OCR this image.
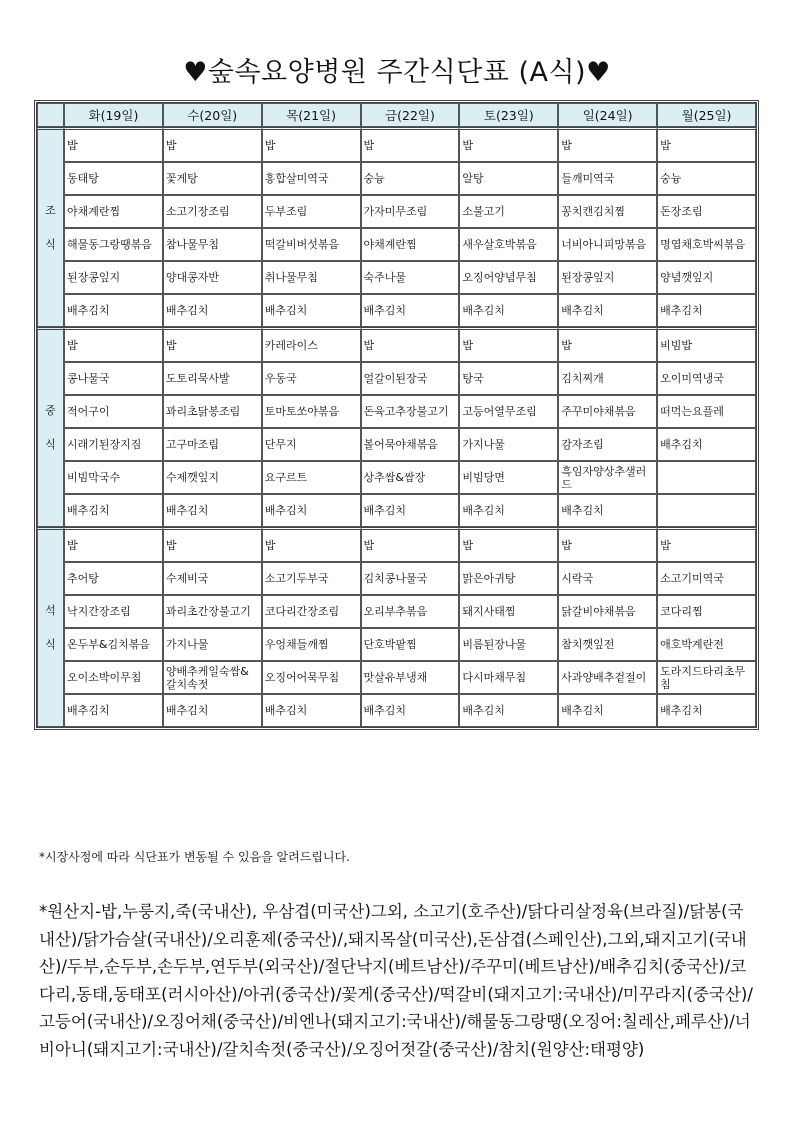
♥숲속요양병원 주간식단표 (A식)♥
	화(19일)	수(20일)	목(21일)	금(22일)	토(23일)	일(24일)	월(25일)
조
식	밥	밥	밥	밥	밥	밥	밥
	동태탕	꽃게탕	홍합살미역국	숭늉	알탕	들깨미역국	숭늉
	야채계란찜	소고기장조림	두부조림	가자미무조림	소불고기	꽁치캔김치찜	돈장조림
	해물동그랑땡볶음	참나물무침	떡갈비버섯볶음	야채계란찜	새우살호박볶음	너비아니피망볶음	명엽채호박씨볶음
	된장콩잎지	양대콩자반	취나물무침	숙주나물	오징어양념무침	된장콩잎지	양념깻잎지
	배추김치	배추김치	배추김치	배추김치	배추김치	배추김치	배추김치
중
식	밥	밥	카레라이스	밥	밥	밥	비빔밥
	콩나물국	도토리묵사발	우동국	얼갈이된장국	탕국	김치찌개	오이미역냉국
	적어구이	꽈리초닭봉조림	토마토쏘야볶음	돈육고추장불고기	고등어열무조림	주꾸미야채볶음	떠먹는요플레
	시래기된장지짐	고구마조림	단무지	볼어묵야채볶음	가지나물	감자조림	배추김치
	비빔막국수	수제깻잎지	요구르트	상추쌈&쌈장	비빔당면	흑임자양상추샐러드	
	배추김치	배추김치	배추김치	배추김치	배추김치	배추김치	
석
식	밥	밥	밥	밥	밥	밥	밥
	추어탕	수제비국	소고기두부국	김치콩나물국	맑은아귀탕	시락국	소고기미역국
	낙지간장조림	꽈리초간장불고기	코다리간장조림	오리부추볶음	돼지사태찜	닭갈비야채볶음	코다리찜
	온두부&김치볶음	가지나물	우엉채들깨찜	단호박팥찜	비름된장나물	참치깻잎전	애호박계란전
	오이소박이무침	양배추케일숙쌈&갈치속젓	오징어어묵무침	맛살유부냉채	다시마채무침	사과양배추겉절이	도라지드타리초무침
	배추김치	배추김치	배추김치	배추김치	배추김치	배추김치	배추김치
*시장사정에 따라 식단표가 변동될 수 있음을 알려드립니다.
*원산지-밥,누룽지,죽(국내산), 우삼겹(미국산)그외, 소고기(호주산)/닭다리살정육(브라질)/닭봉(국내산)/닭가슴살(국내산)/오리훈제(중국산)/,돼지목살(미국산),돈삼겹(스페인산),그외,돼지고기(국내산)/두부,순두부,손두부,연두부(외국산)/절단낙지(베트남산)/주꾸미(베트남산)/배추김치(중국산)/코다리,동태,동태포(러시아산)/아귀(중국산)/꽃게(중국산)/떡갈비(돼지고기:국내산)/미꾸라지(중국산)/고등어(국내산)/오징어채(중국산)/비엔나(돼지고기:국내산)/해물동그랑땡(오징어:칠레산,페루산)/너비아니(돼지고기:국내산)/갈치속젓(중국산)/오징어젓갈(중국산)/참치(원양산:태평양)
